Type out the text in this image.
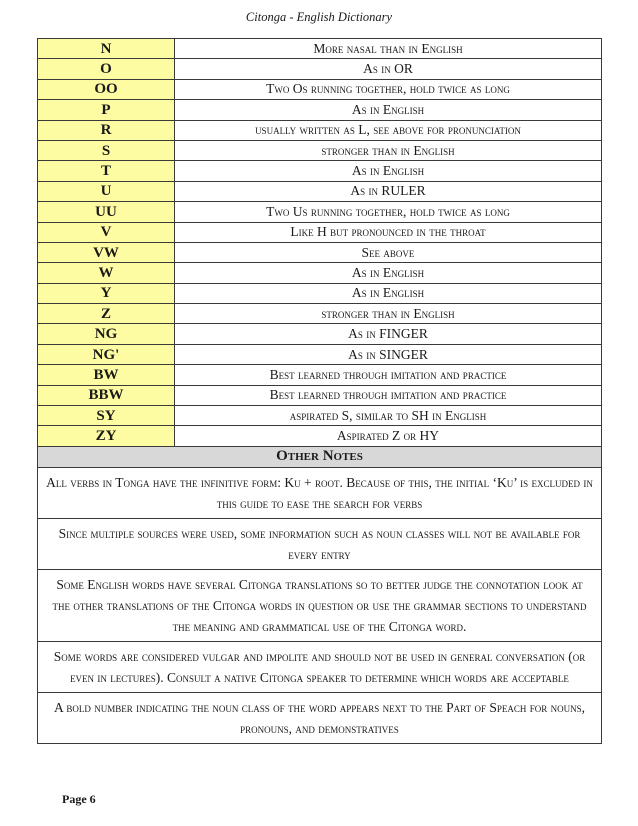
Citonga - English Dictionary
N	More nasal than in English
O	As in OR
OO	Two Os running together, hold twice as long
P	As in English
R	usually written as L, see above for pronunciation
S	stronger than in English
T	As in English
U	As in RULER
UU	Two Us running together, hold twice as long
V	Like H but pronounced in the throat
VW	See above
W	As in English
Y	As in English
Z	stronger than in English
NG	As in FINGER
NG'	As in SINGER
BW	Best learned through imitation and practice
BBW	Best learned through imitation and practice
SY	aspirated S, similar to SH in English
ZY	Aspirated Z or HY
Other Notes	
All verbs in Tonga have the infinitive form: Ku + root. Because of this, the initial ‘Ku’ is excluded in this guide to ease the search for verbs	
Since multiple sources were used, some information such as noun classes will not be available for every entry	
Some English words have several Citonga translations so to better judge the connotation look at the other translations of the Citonga words in question or use the grammar sections to understand the meaning and grammatical use of the Citonga word.	
Some words are considered vulgar and impolite and should not be used in general conversation (or even in lectures). Consult a native Citonga speaker to determine which words are acceptable	
A bold number indicating the noun class of the word appears next to the Part of Speach for nouns, pronouns, and demonstratives	
Page 6
